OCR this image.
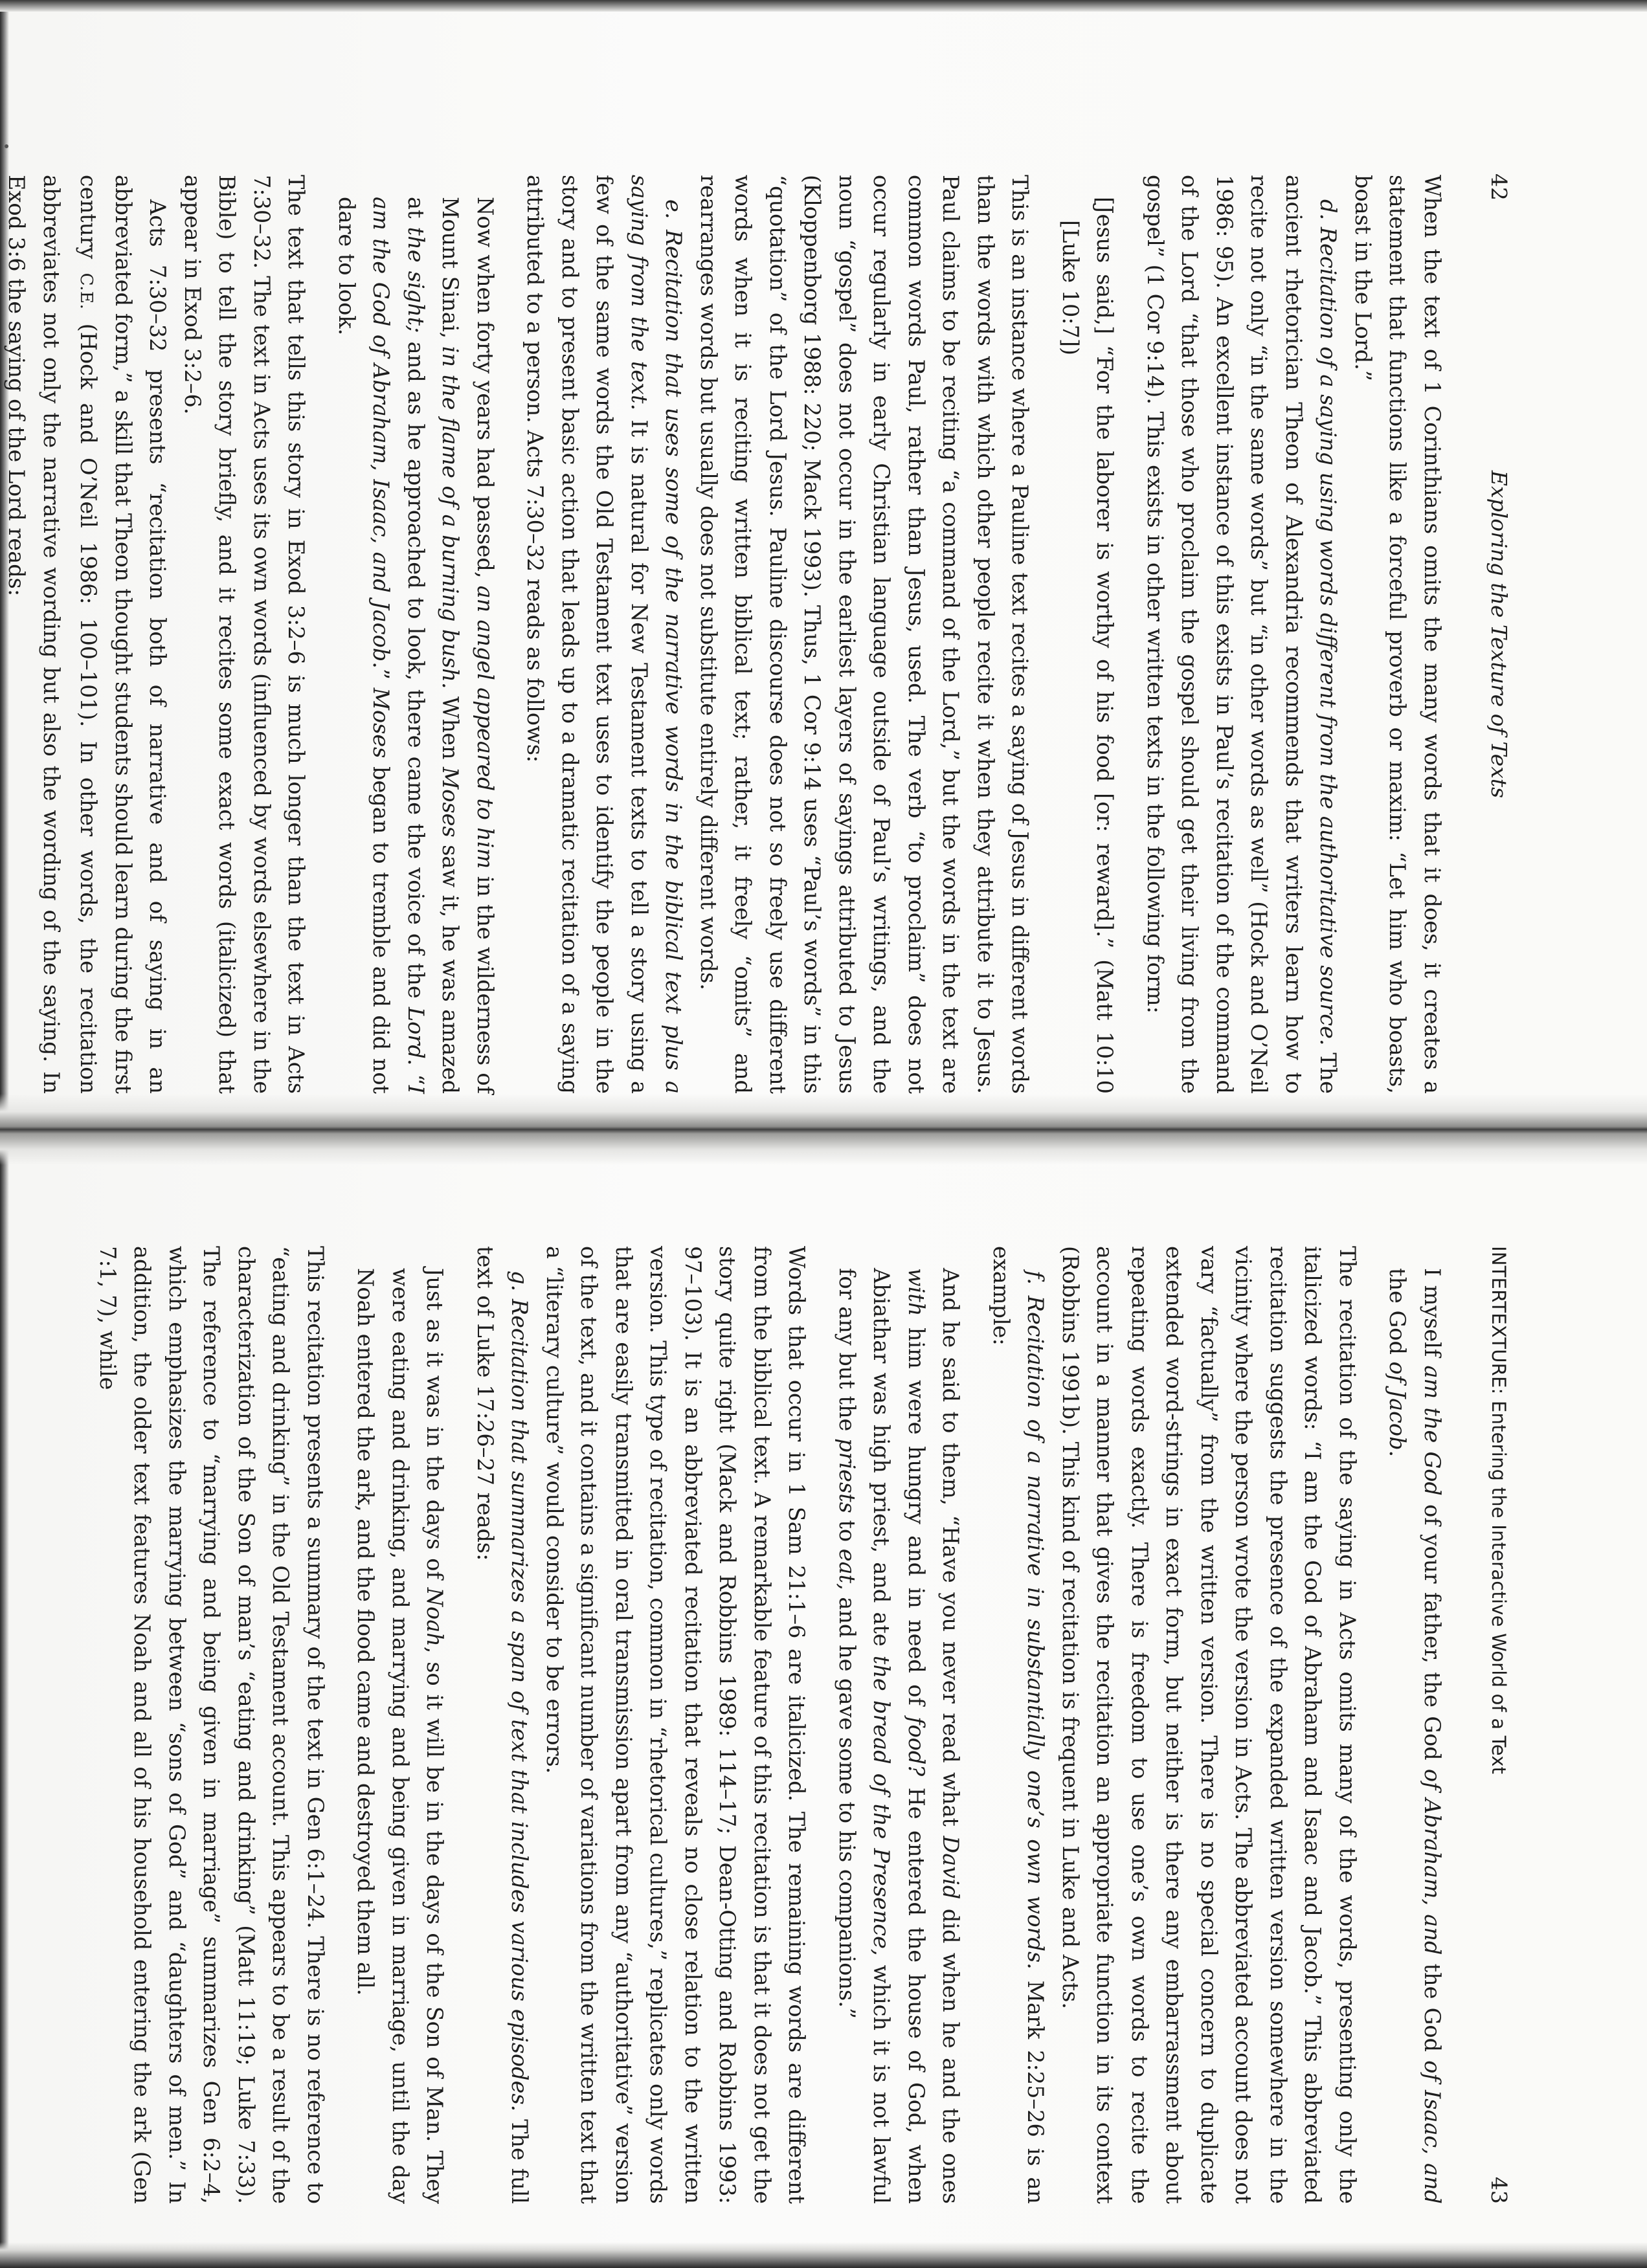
42
Exploring the Texture of Texts

When the text of 1 Corinthians omits the many words that it does, it creates a statement that functions like a forceful proverb or maxim: “Let him who boasts, boast in the Lord.”

d. Recitation of a saying using words different from the authoritative source. The ancient rhetorician Theon of Alexandria recommends that writers learn how to recite not only “in the same words” but “in other words as well” (Hock and O’Neil 1986: 95). An excellent instance of this exists in Paul’s recitation of the command of the Lord “that those who proclaim the gospel should get their living from the gospel” (1 Cor 9:14). This exists in other written texts in the following form:

[Jesus said,] “For the laborer is worthy of his food [or: reward].” (Matt 10:10 [Luke 10:7])

This is an instance where a Pauline text recites a saying of Jesus in different words than the words with which other people recite it when they attribute it to Jesus. Paul claims to be reciting “a command of the Lord,” but the words in the text are common words Paul, rather than Jesus, used. The verb “to proclaim” does not occur regularly in early Christian language outside of Paul’s writings, and the noun “gospel” does not occur in the earliest layers of sayings attributed to Jesus (Kloppenborg 1988: 220; Mack 1993). Thus, 1 Cor 9:14 uses “Paul’s words” in this “quotation” of the Lord Jesus. Pauline discourse does not so freely use different words when it is reciting written biblical text; rather, it freely “omits” and rearranges words but usually does not substitute entirely different words.

e. Recitation that uses some of the narrative words in the biblical text plus a saying from the text. It is natural for New Testament texts to tell a story using a few of the same words the Old Testament text uses to identify the people in the story and to present basic action that leads up to a dramatic recitation of a saying attributed to a person. Acts 7:30–32 reads as follows:

Now when forty years had passed, an angel appeared to him in the wilderness of Mount Sinai, in the flame of a burning bush. When Moses saw it, he was amazed at the sight; and as he approached to look, there came the voice of the Lord. “I am the God of Abraham, Isaac, and Jacob.” Moses began to tremble and did not dare to look.

The text that tells this story in Exod 3:2–6 is much longer than the text in Acts 7:30–32. The text in Acts uses its own words (influenced by words elsewhere in the Bible) to tell the story briefly, and it recites some exact words (italicized) that appear in Exod 3:2–6.

Acts 7:30–32 presents “recitation both of narrative and of saying in an abbreviated form,” a skill that Theon thought students should learn during the first century C.E. (Hock and O’Neil 1986: 100–101). In other words, the recitation abbreviates not only the narrative wording but also the wording of the saying. In Exod 3:6 the saying of the Lord reads:

INTERTEXTURE: Entering the Interactive World of a Text
43

I myself am the God of your father, the God of Abraham, and the God of Isaac, and the God of Jacob.

The recitation of the saying in Acts omits many of the words, presenting only the italicized words: “I am the God of Abraham and Isaac and Jacob.” This abbreviated recitation suggests the presence of the expanded written version somewhere in the vicinity where the person wrote the version in Acts. The abbreviated account does not vary “factually” from the written version. There is no special concern to duplicate extended word-strings in exact form, but neither is there any embarrassment about repeating words exactly. There is freedom to use one’s own words to recite the account in a manner that gives the recitation an appropriate function in its context (Robbins 1991b). This kind of recitation is frequent in Luke and Acts.

f. Recitation of a narrative in substantially one’s own words. Mark 2:25–26 is an example:

And he said to them, “Have you never read what David did when he and the ones with him were hungry and in need of food? He entered the house of God, when Abiathar was high priest, and ate the bread of the Presence, which it is not lawful for any but the priests to eat, and he gave some to his companions.”

Words that occur in 1 Sam 21:1–6 are italicized. The remaining words are different from the biblical text. A remarkable feature of this recitation is that it does not get the story quite right (Mack and Robbins 1989: 114–17; Dean-Otting and Robbins 1993: 97–103). It is an abbreviated recitation that reveals no close relation to the written version. This type of recitation, common in “rhetorical cultures,” replicates only words that are easily transmitted in oral transmission apart from any “authoritative” version of the text, and it contains a significant number of variations from the written text that a “literary culture” would consider to be errors.

g. Recitation that summarizes a span of text that includes various episodes. The full text of Luke 17:26–27 reads:

Just as it was in the days of Noah, so it will be in the days of the Son of Man. They were eating and drinking, and marrying and being given in marriage, until the day Noah entered the ark, and the flood came and destroyed them all.

This recitation presents a summary of the text in Gen 6:1–24. There is no reference to “eating and drinking” in the Old Testament account. This appears to be a result of the characterization of the Son of man’s “eating and drinking” (Matt 11:19; Luke 7:33). The reference to “marrying and being given in marriage” summarizes Gen 6:2–4, which emphasizes the marrying between “sons of God” and “daughters of men.” In addition, the older text features Noah and all of his household entering the ark (Gen 7:1, 7), while
